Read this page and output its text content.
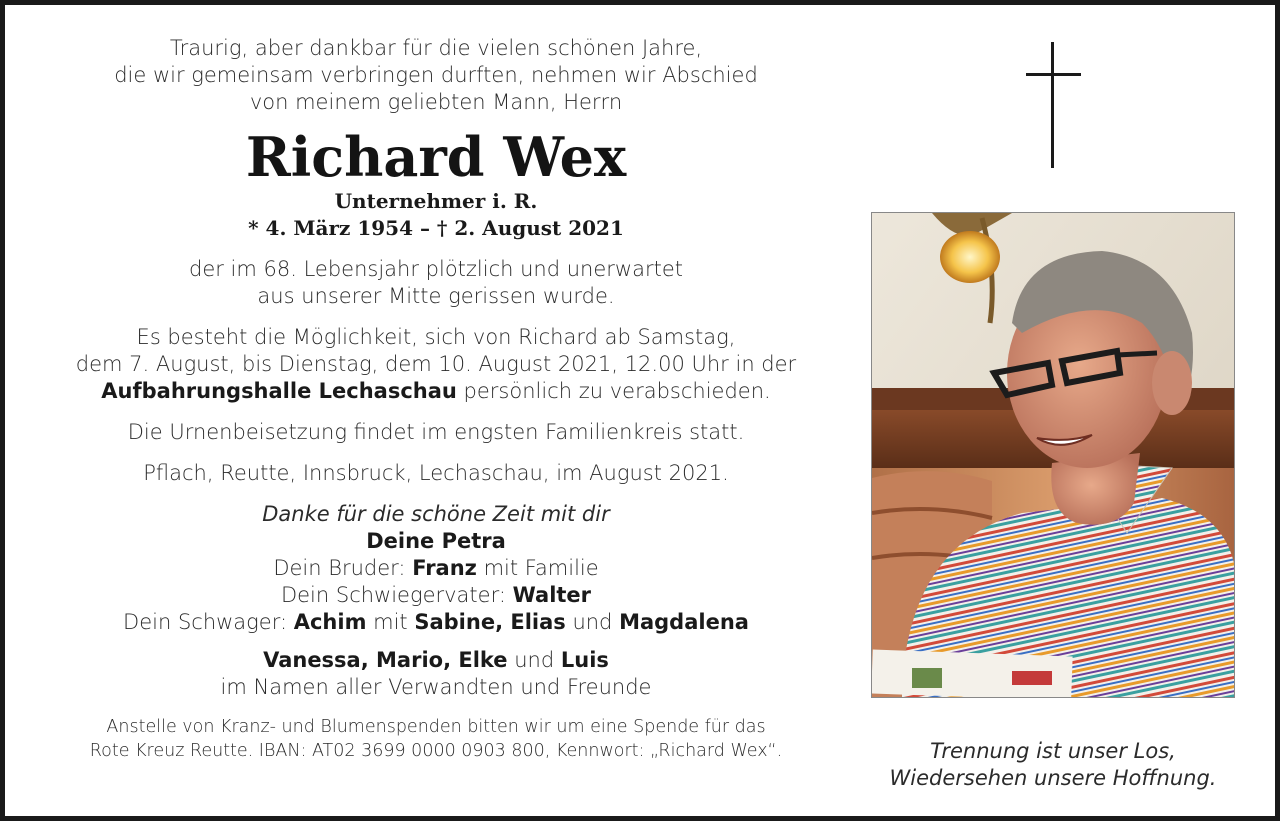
Traurig, aber dankbar für die vielen schönen Jahre,

die wir gemeinsam verbringen durften, nehmen wir Abschied

von meinem geliebten Mann, Herrn

Richard Wex

Unternehmer i. R.

* 4. März 1954 – † 2. August 2021

der im 68. Lebensjahr plötzlich und unerwartet

aus unserer Mitte gerissen wurde.

Es besteht die Möglichkeit, sich von Richard ab Samstag,

dem 7. August, bis Dienstag, dem 10. August 2021, 12.00 Uhr in der

Aufbahrungshalle Lechaschau persönlich zu verabschieden.

Die Urnenbeisetzung findet im engsten Familienkreis statt.

Pflach, Reutte, Innsbruck, Lechaschau, im August 2021.

Danke für die schöne Zeit mit dir

Deine Petra

Dein Bruder: Franz mit Familie

Dein Schwiegervater: Walter

Dein Schwager: Achim mit Sabine, Elias und Magdalena

Vanessa, Mario, Elke und Luis

im Namen aller Verwandten und Freunde

Anstelle von Kranz- und Blumenspenden bitten wir um eine Spende für das

Rote Kreuz Reutte. IBAN: AT02 3699 0000 0903 800, Kennwort: „Richard Wex“.	Trennung ist unser Los,

Wiedersehen unsere Hoffnung.
